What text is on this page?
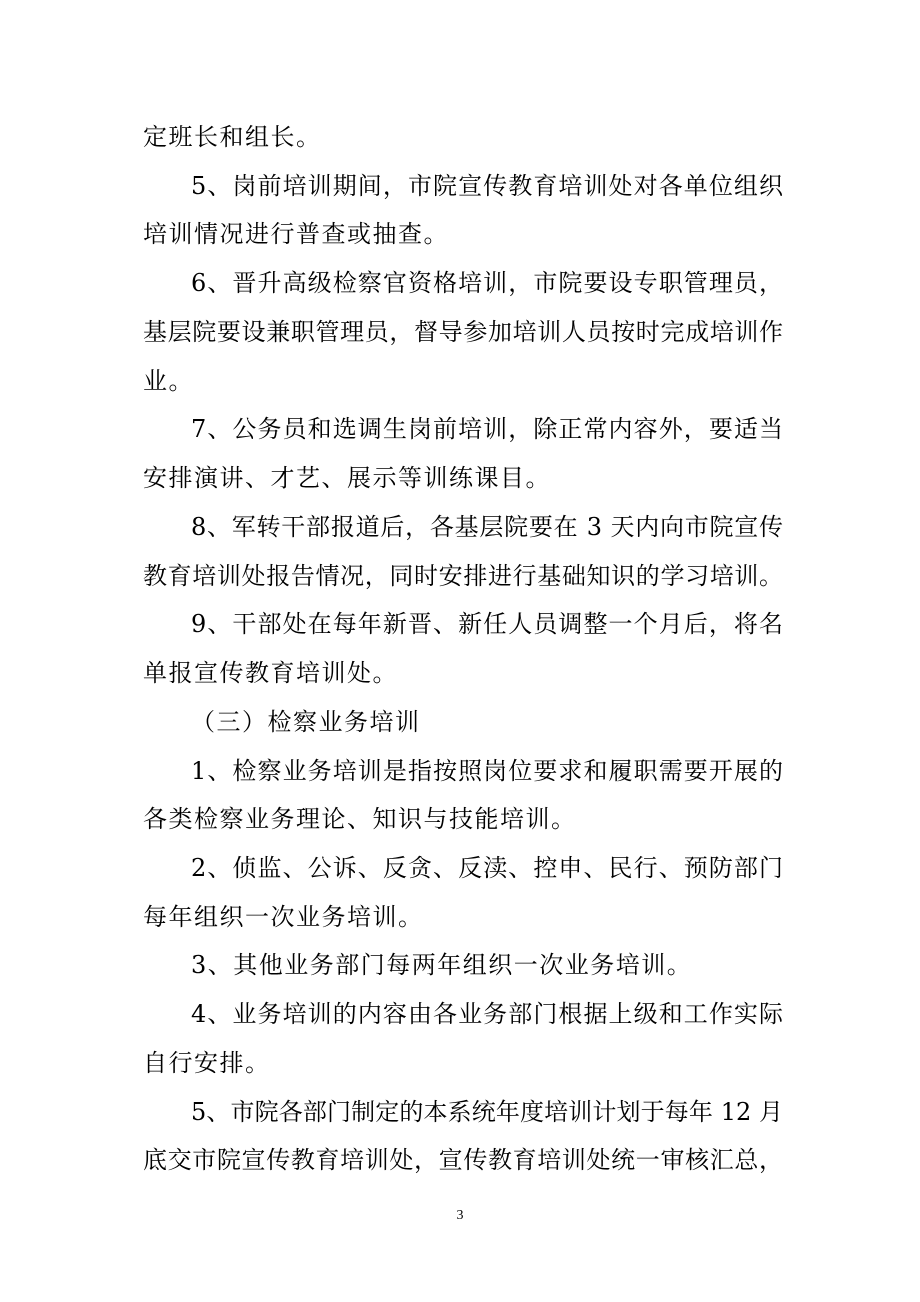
定班长和组长。
5、岗前培训期间，市院宣传教育培训处对各单位组织
培训情况进行普查或抽查。
6、晋升高级检察官资格培训，市院要设专职管理员，
基层院要设兼职管理员，督导参加培训人员按时完成培训作
业。
7、公务员和选调生岗前培训，除正常内容外，要适当
安排演讲、才艺、展示等训练课目。
8、军转干部报道后，各基层院要在 3 天内向市院宣传
教育培训处报告情况，同时安排进行基础知识的学习培训。
9、干部处在每年新晋、新任人员调整一个月后，将名
单报宣传教育培训处。
（三）检察业务培训
1、检察业务培训是指按照岗位要求和履职需要开展的
各类检察业务理论、知识与技能培训。
2、侦监、公诉、反贪、反渎、控申、民行、预防部门
每年组织一次业务培训。
3、其他业务部门每两年组织一次业务培训。
4、业务培训的内容由各业务部门根据上级和工作实际
自行安排。
5、市院各部门制定的本系统年度培训计划于每年 12 月
底交市院宣传教育培训处，宣传教育培训处统一审核汇总，
3
